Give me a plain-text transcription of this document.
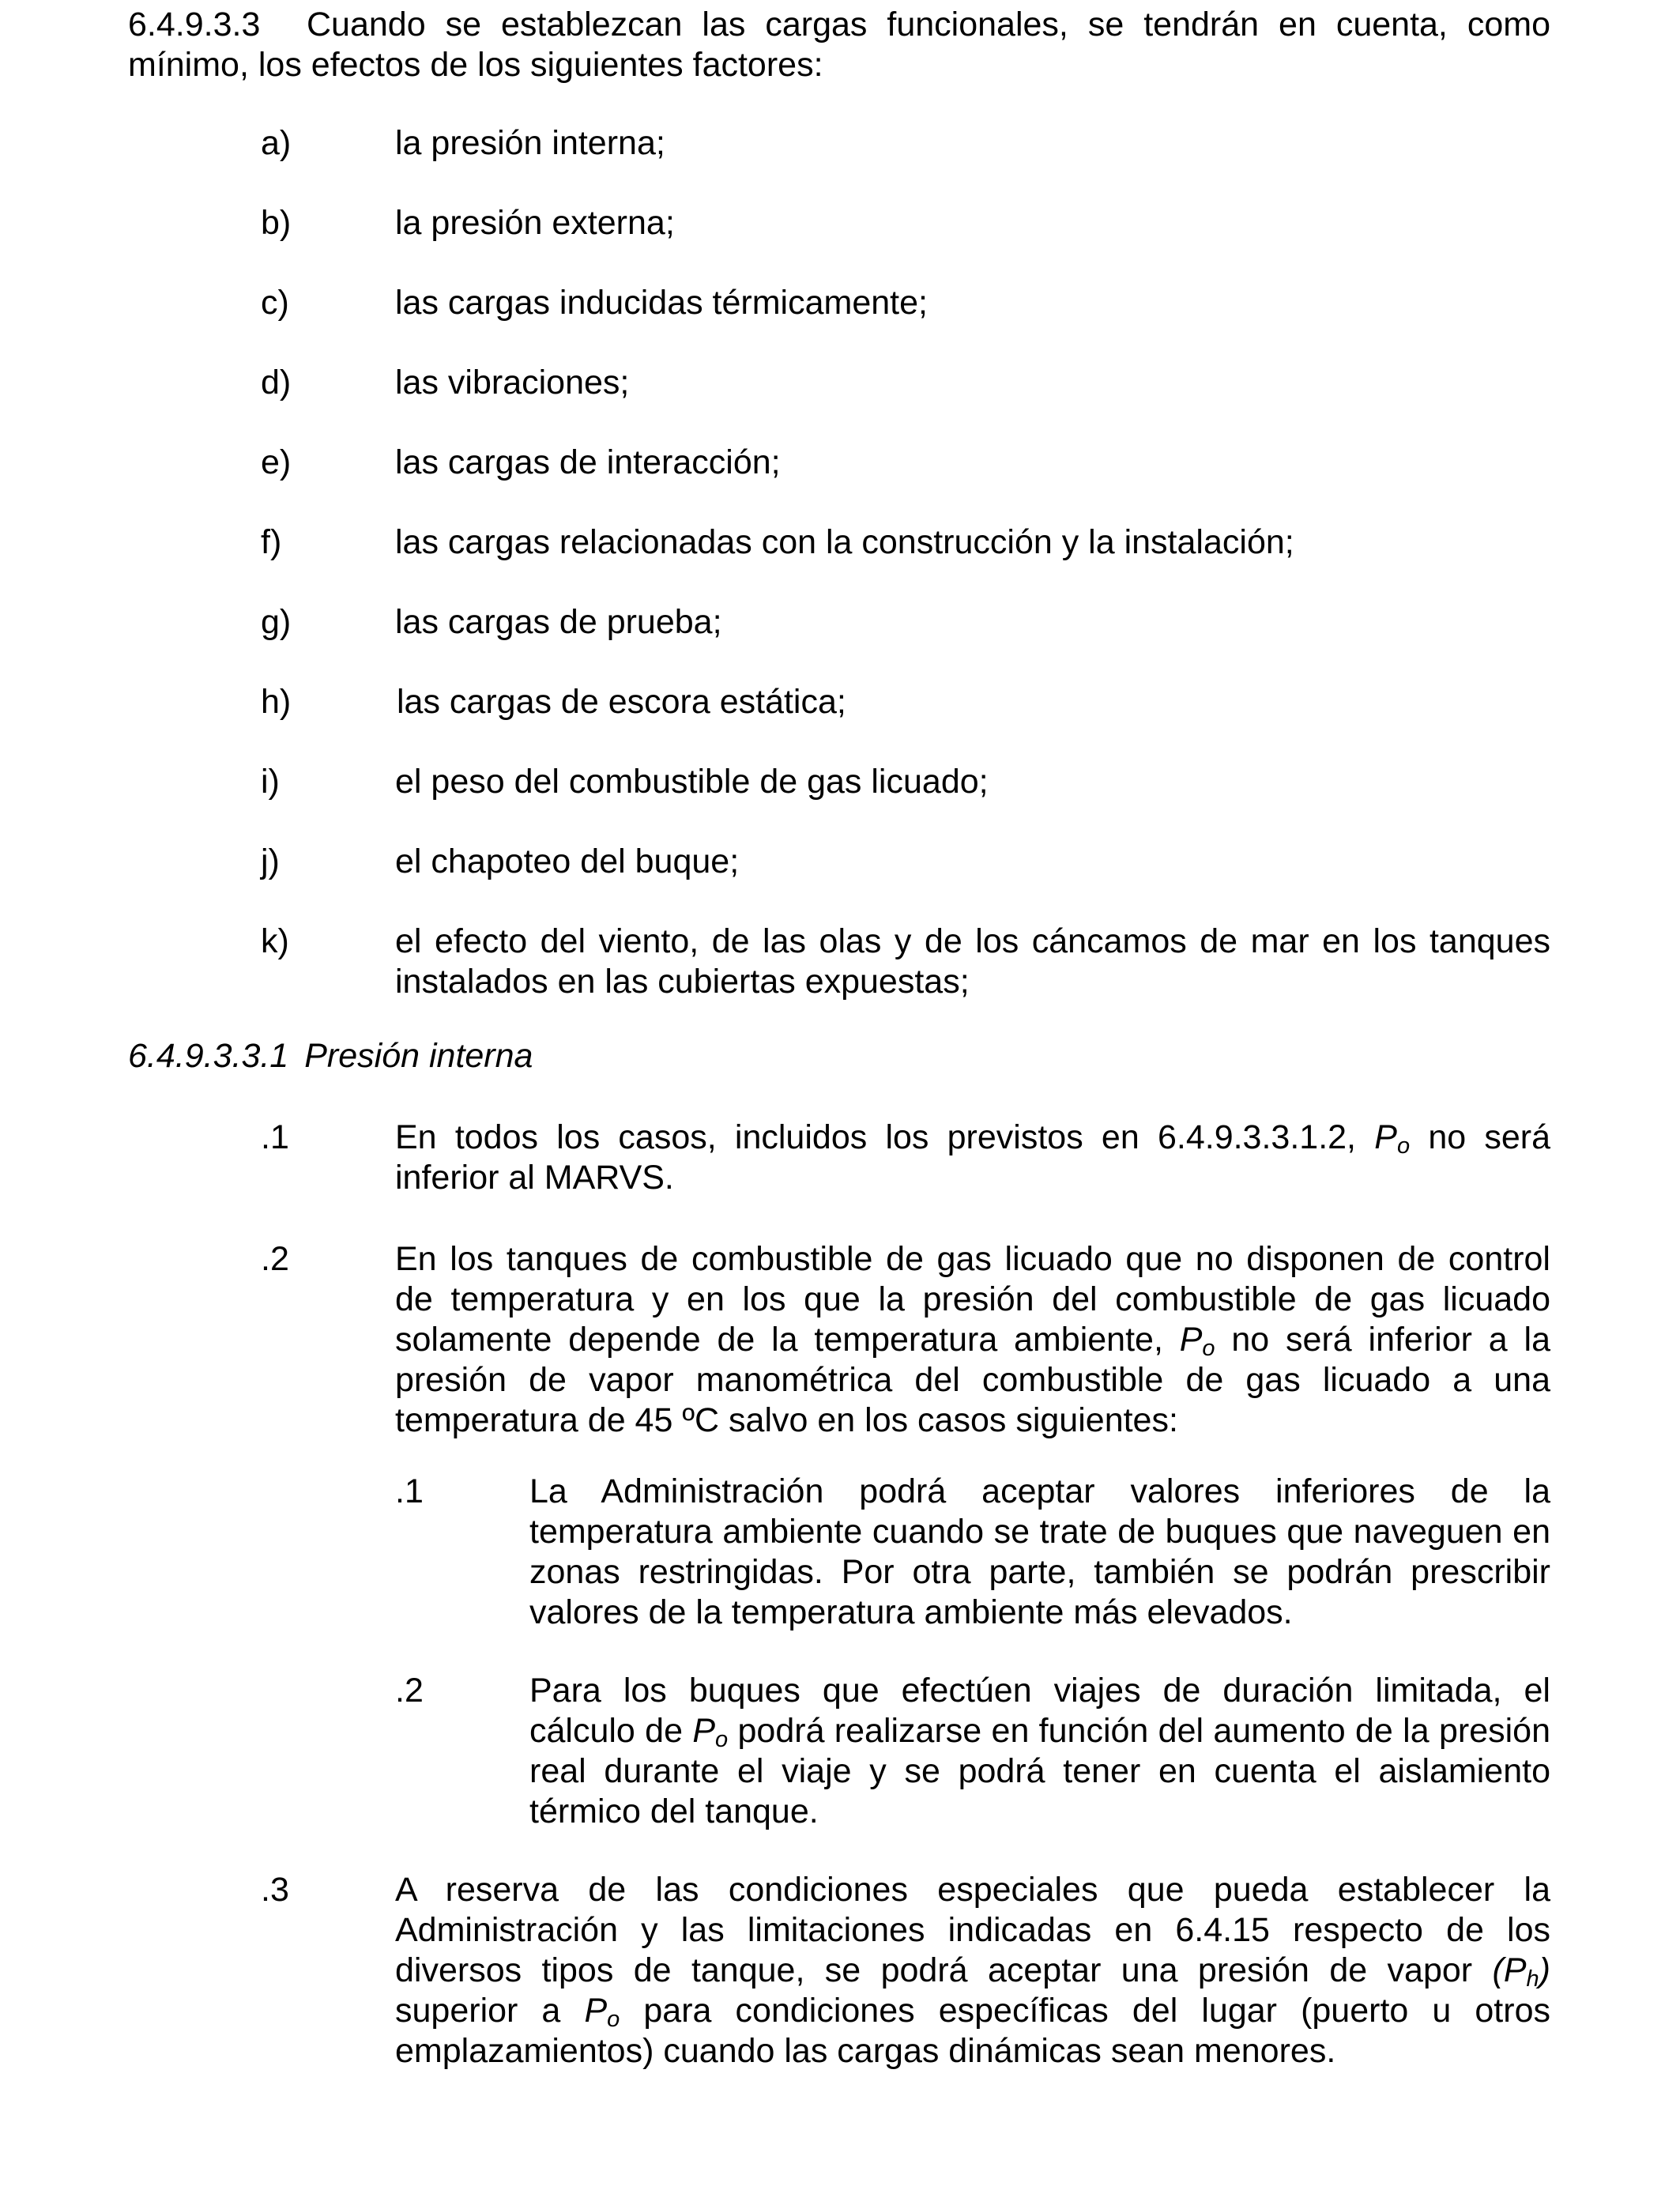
6.4.9.3.3 Cuando se establezcan las cargas funcionales, se tendrán en cuenta, como mínimo, los efectos de los siguientes factores:

a)	la presión interna;

b)	la presión externa;

c)	las cargas inducidas térmicamente;

d)	las vibraciones;

e)	las cargas de interacción;

f)	las cargas relacionadas con la construcción y la instalación;

g)	las cargas de prueba;

h)	las cargas de escora estática;

i)	el peso del combustible de gas licuado;

j)	el chapoteo del buque;

k)	el efecto del viento, de las olas y de los cáncamos de mar en los tanques instalados en las cubiertas expuestas;

6.4.9.3.3.1 Presión interna

.1	En todos los casos, incluidos los previstos en 6.4.9.3.3.1.2, $P_o$ no será inferior al MARVS.

.2	En los tanques de combustible de gas licuado que no disponen de control de temperatura y en los que la presión del combustible de gas licuado solamente depende de la temperatura ambiente, $P_o$ no será inferior a la presión de vapor manométrica del combustible de gas licuado a una temperatura de 45 ºC salvo en los casos siguientes:

.1	La Administración podrá aceptar valores inferiores de la temperatura ambiente cuando se trate de buques que naveguen en zonas restringidas. Por otra parte, también se podrán prescribir valores de la temperatura ambiente más elevados.

.2	Para los buques que efectúen viajes de duración limitada, el cálculo de $P_o$ podrá realizarse en función del aumento de la presión real durante el viaje y se podrá tener en cuenta el aislamiento térmico del tanque.

.3	A reserva de las condiciones especiales que pueda establecer la Administración y las limitaciones indicadas en 6.4.15 respecto de los diversos tipos de tanque, se podrá aceptar una presión de vapor $(P_h)$ superior a $P_o$ para condiciones específicas del lugar (puerto u otros emplazamientos) cuando las cargas dinámicas sean menores.
